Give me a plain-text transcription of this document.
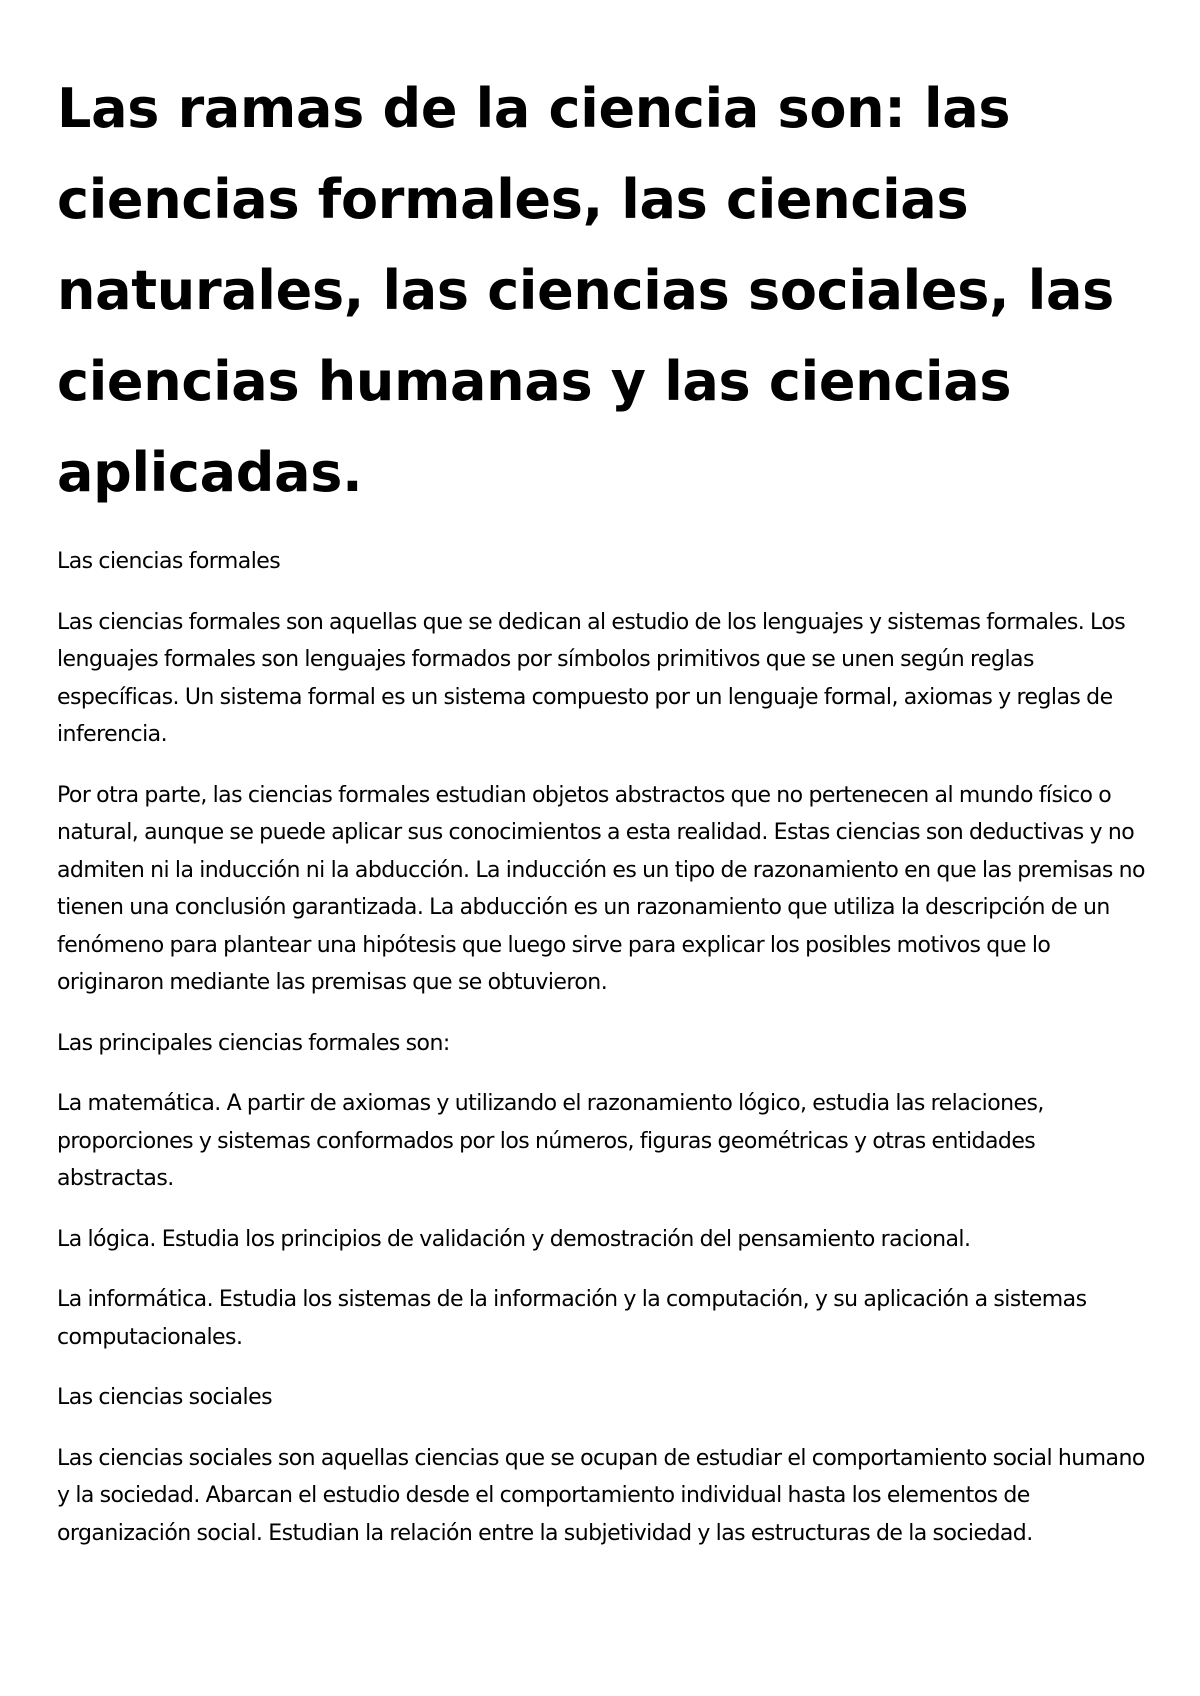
Las ramas de la ciencia son: las ciencias formales, las ciencias naturales, las ciencias sociales, las ciencias humanas y las ciencias aplicadas.

Las ciencias formales

Las ciencias formales son aquellas que se dedican al estudio de los lenguajes y sistemas formales. Los lenguajes formales son lenguajes formados por símbolos primitivos que se unen según reglas específicas. Un sistema formal es un sistema compuesto por un lenguaje formal, axiomas y reglas de inferencia.

Por otra parte, las ciencias formales estudian objetos abstractos que no pertenecen al mundo físico o natural, aunque se puede aplicar sus conocimientos a esta realidad. Estas ciencias son deductivas y no admiten ni la inducción ni la abducción. La inducción es un tipo de razonamiento en que las premisas no tienen una conclusión garantizada. La abducción es un razonamiento que utiliza la descripción de un fenómeno para plantear una hipótesis que luego sirve para explicar los posibles motivos que lo originaron mediante las premisas que se obtuvieron.

Las principales ciencias formales son:

La matemática. A partir de axiomas y utilizando el razonamiento lógico, estudia las relaciones, proporciones y sistemas conformados por los números, figuras geométricas y otras entidades abstractas.

La lógica. Estudia los principios de validación y demostración del pensamiento racional.

La informática. Estudia los sistemas de la información y la computación, y su aplicación a sistemas computacionales.

Las ciencias sociales

Las ciencias sociales son aquellas ciencias que se ocupan de estudiar el comportamiento social humano y la sociedad. Abarcan el estudio desde el comportamiento individual hasta los elementos de organización social. Estudian la relación entre la subjetividad y las estructuras de la sociedad.
